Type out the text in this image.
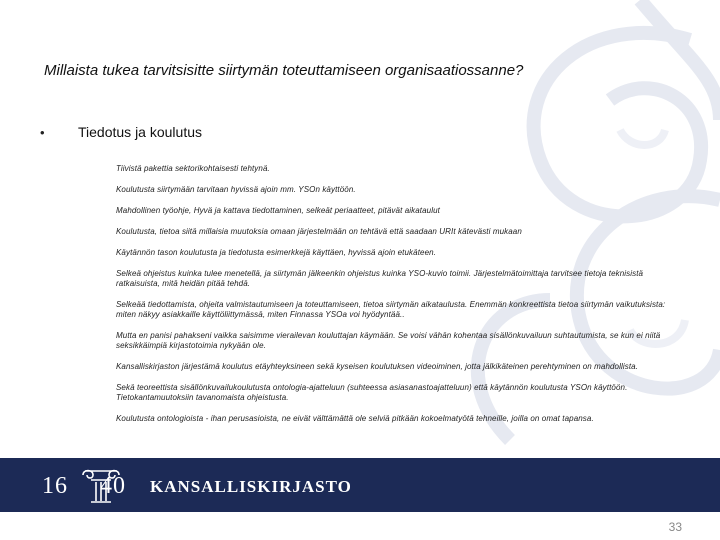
Millaista tukea tarvitsisitte siirtymän toteuttamiseen organisaatiossanne?
•	Tiedotus ja koulutus

Tiivistä pakettia sektorikohtaisesti tehtynä.

Koulutusta siirtymään tarvitaan hyvissä ajoin mm. YSOn käyttöön.

Mahdollinen työohje, Hyvä ja kattava tiedottaminen, selkeät periaatteet, pitävät aikataulut

Koulutusta, tietoa siitä millaisia muutoksia omaan järjestelmään on tehtävä että saadaan URIt kätevästi mukaan

Käytännön tason koulutusta ja tiedotusta esimerkkejä käyttäen, hyvissä ajoin etukäteen.

Selkeä ohjeistus kuinka tulee menetellä, ja siirtymän jälkeenkin ohjeistus kuinka YSO-kuvio toimii. Järjestelmätoimittaja tarvitsee tietoja teknisistä ratkaisuista, mitä heidän pitää tehdä.

Selkeää tiedottamista, ohjeita valmistautumiseen ja toteuttamiseen, tietoa siirtymän aikataulusta. Enemmän konkreettista tietoa siirtymän vaikutuksista: miten näkyy asiakkaille käyttöliittymässä, miten Finnassa YSOa voi hyödyntää..

Mutta en panisi pahakseni vaikka saisimme vierailevan kouluttajan käymään. Se voisi vähän kohentaa sisällönkuvailuun suhtautumista, se kun ei niitä seksikkäimpiä kirjastotoimia nykyään ole.

Kansalliskirjaston järjestämä koulutus etäyhteyksineen sekä kyseisen koulutuksen videoiminen, jotta jälkikäteinen perehtyminen on mahdollista.

Sekä teoreettista sisällönkuvailukoulutusta ontologia-ajatteluun (suhteessa asiasanastoajatteluun) että käytännön koulutusta YSOn käyttöön. Tietokantamuutoksiin tavanomaista ohjeistusta.

Koulutusta ontologioista - ihan perusasioista, ne eivät välttämättä ole selviä pitkään kokoelmatyötä tehneille, joilla on omat tapansa.

16 40 KANSALLISKIRJASTO
33
